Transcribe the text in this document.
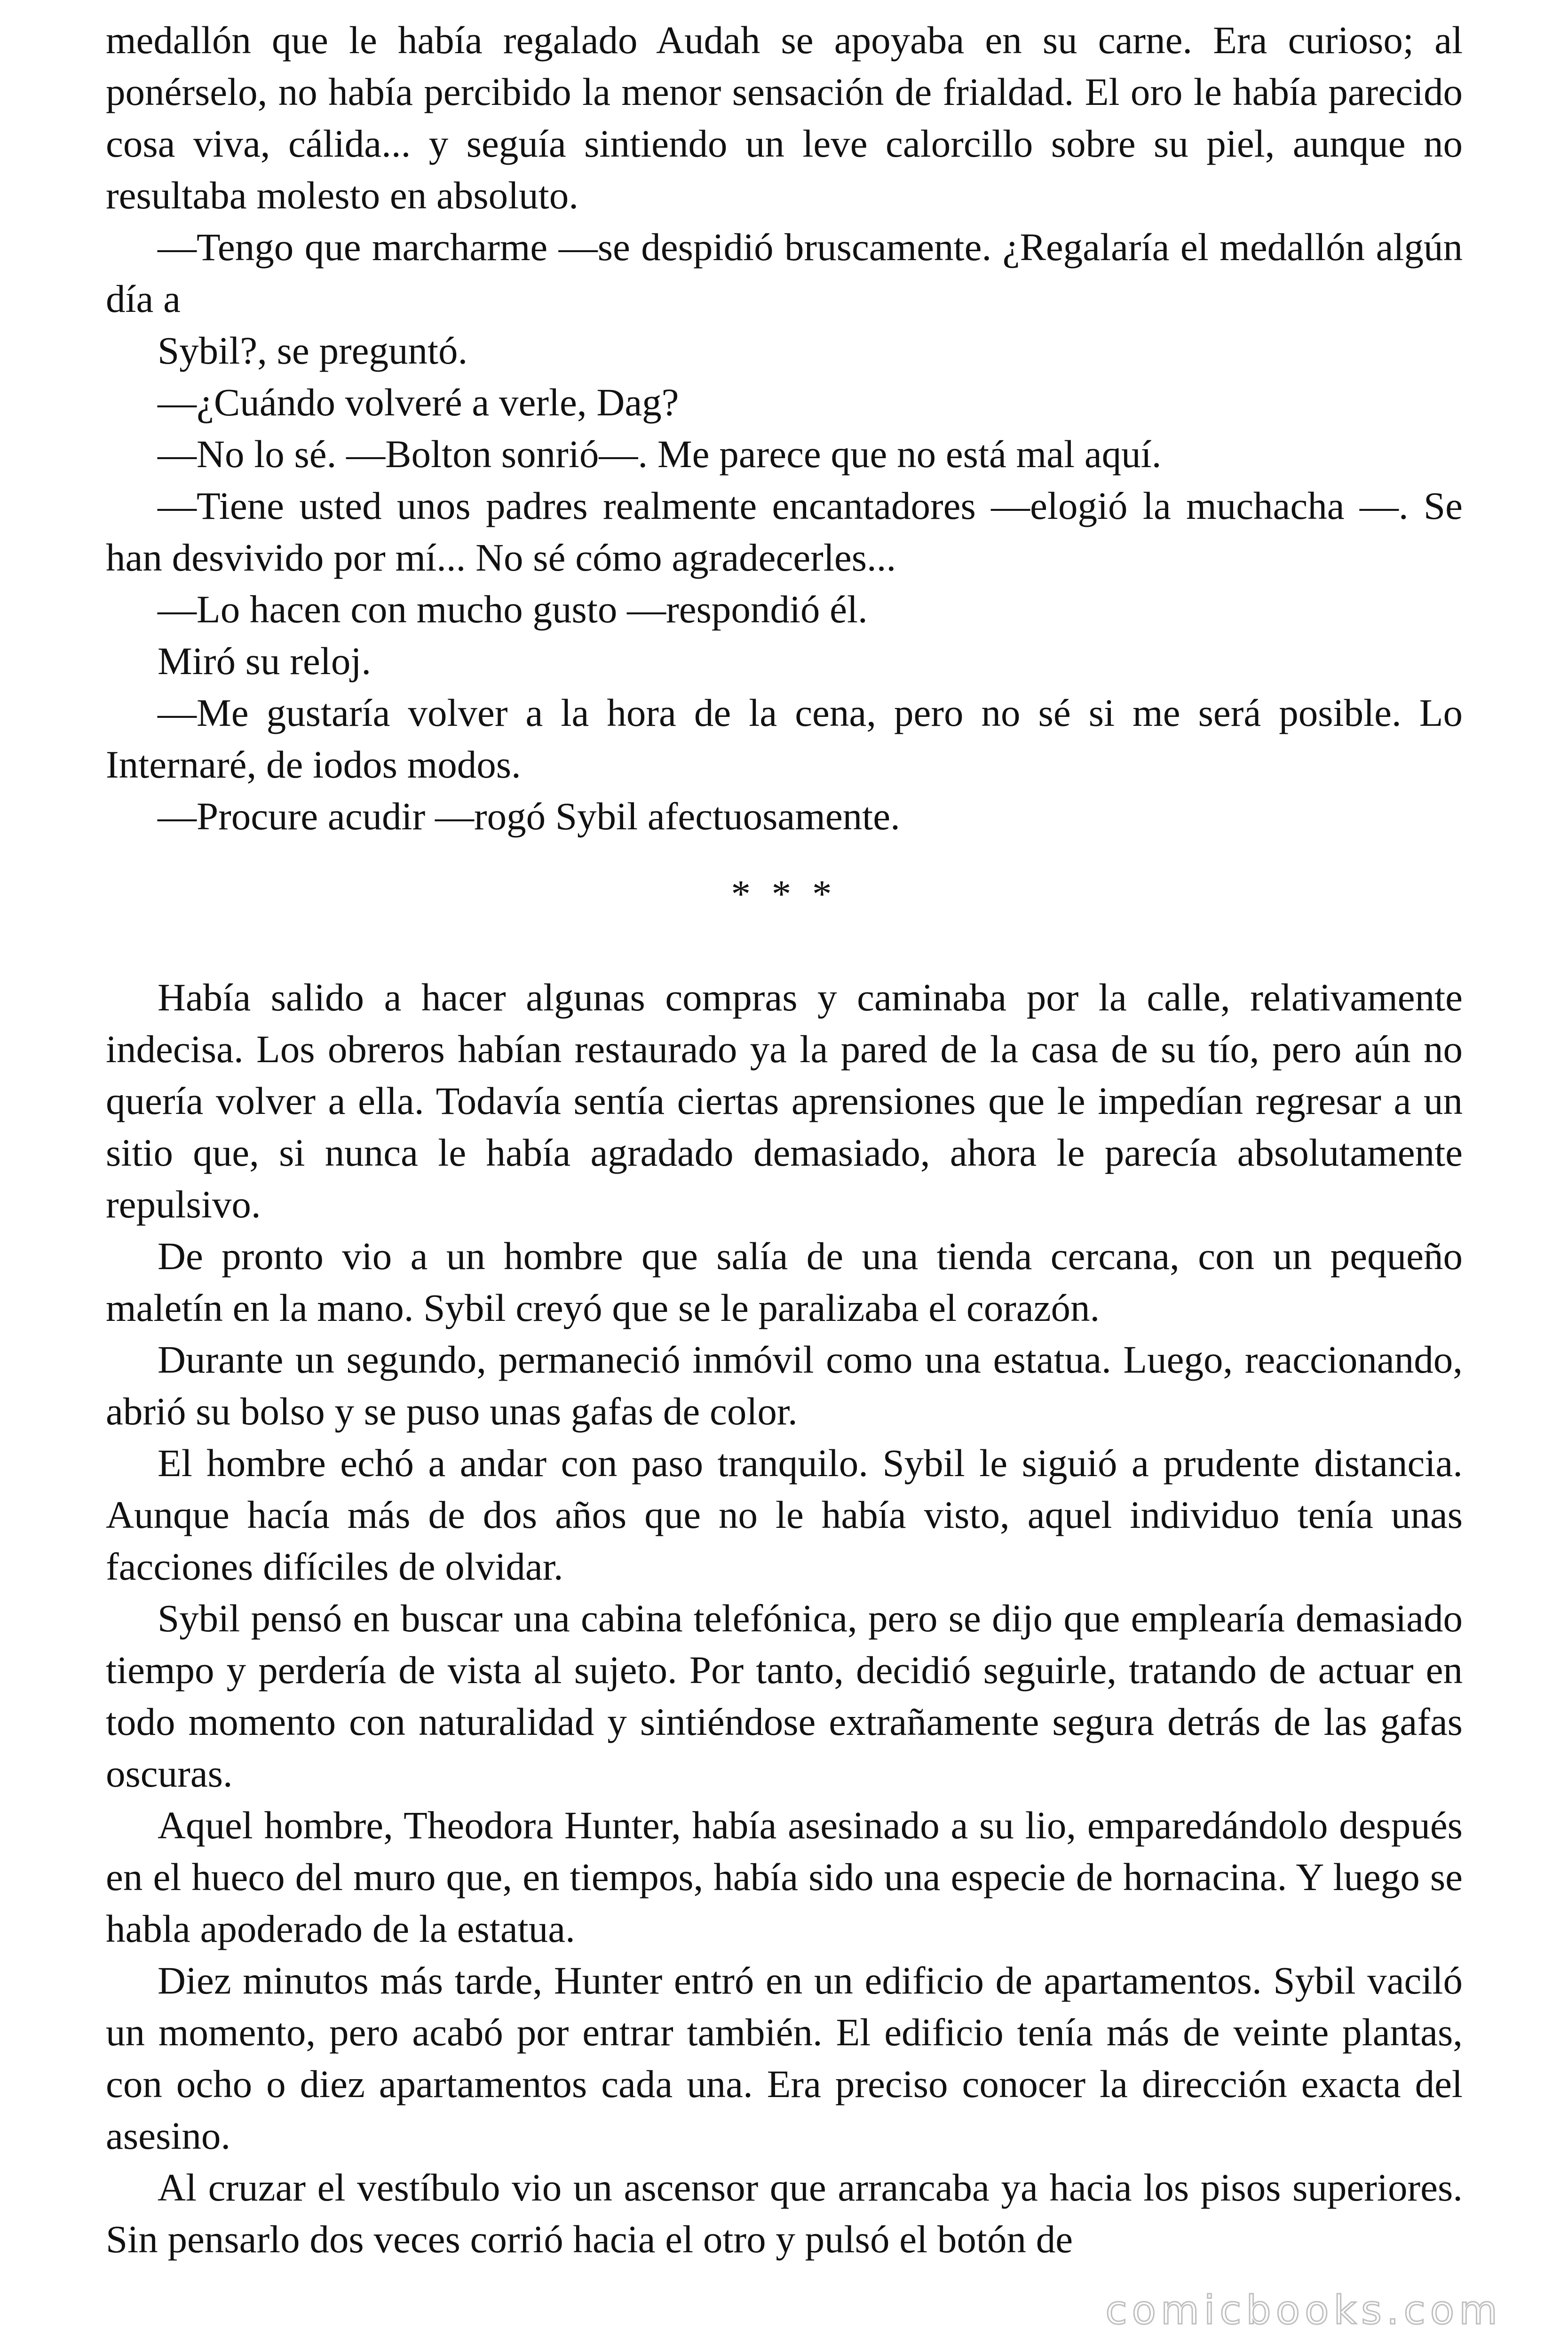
medallón que le había regalado Audah se apoyaba en su carne. Era curioso; al ponérselo, no había percibido la menor sensación de frialdad. El oro le había parecido cosa viva, cálida... y seguía sintiendo un leve calorcillo sobre su piel, aunque no resultaba molesto en absoluto.

—Tengo que marcharme —se despidió bruscamente. ¿Regalaría el medallón algún día a

Sybil?, se preguntó.

—¿Cuándo volveré a verle, Dag?

—No lo sé. —Bolton sonrió—. Me parece que no está mal aquí.

—Tiene usted unos padres realmente encantadores —elogió la muchacha —. Se han desvivido por mí... No sé cómo agradecerles...

—Lo hacen con mucho gusto —respondió él.

Miró su reloj.

—Me gustaría volver a la hora de la cena, pero no sé si me será posible. Lo Internaré, de iodos modos.

—Procure acudir —rogó Sybil afectuosamente.

* * *

Había salido a hacer algunas compras y caminaba por la calle, relativamente indecisa. Los obreros habían restaurado ya la pared de la casa de su tío, pero aún no quería volver a ella. Todavía sentía ciertas aprensiones que le impedían regresar a un sitio que, si nunca le había agradado demasiado, ahora le parecía absolutamente repulsivo.

De pronto vio a un hombre que salía de una tienda cercana, con un pequeño maletín en la mano. Sybil creyó que se le paralizaba el corazón.

Durante un segundo, permaneció inmóvil como una estatua. Luego, reaccionando, abrió su bolso y se puso unas gafas de color.

El hombre echó a andar con paso tranquilo. Sybil le siguió a prudente distancia. Aunque hacía más de dos años que no le había visto, aquel individuo tenía unas facciones difíciles de olvidar.

Sybil pensó en buscar una cabina telefónica, pero se dijo que emplearía demasiado tiempo y perdería de vista al sujeto. Por tanto, decidió seguirle, tratando de actuar en todo momento con naturalidad y sintiéndose extrañamente segura detrás de las gafas oscuras.

Aquel hombre, Theodora Hunter, había asesinado a su lio, emparedándolo después en el hueco del muro que, en tiempos, había sido una especie de hornacina. Y luego se habla apoderado de la estatua.

Diez minutos más tarde, Hunter entró en un edificio de apartamentos. Sybil vaciló un momento, pero acabó por entrar también. El edificio tenía más de veinte plantas, con ocho o diez apartamentos cada una. Era preciso conocer la dirección exacta del asesino.

Al cruzar el vestíbulo vio un ascensor que arrancaba ya hacia los pisos superiores. Sin pensarlo dos veces corrió hacia el otro y pulsó el botón de

comicbooks.com
